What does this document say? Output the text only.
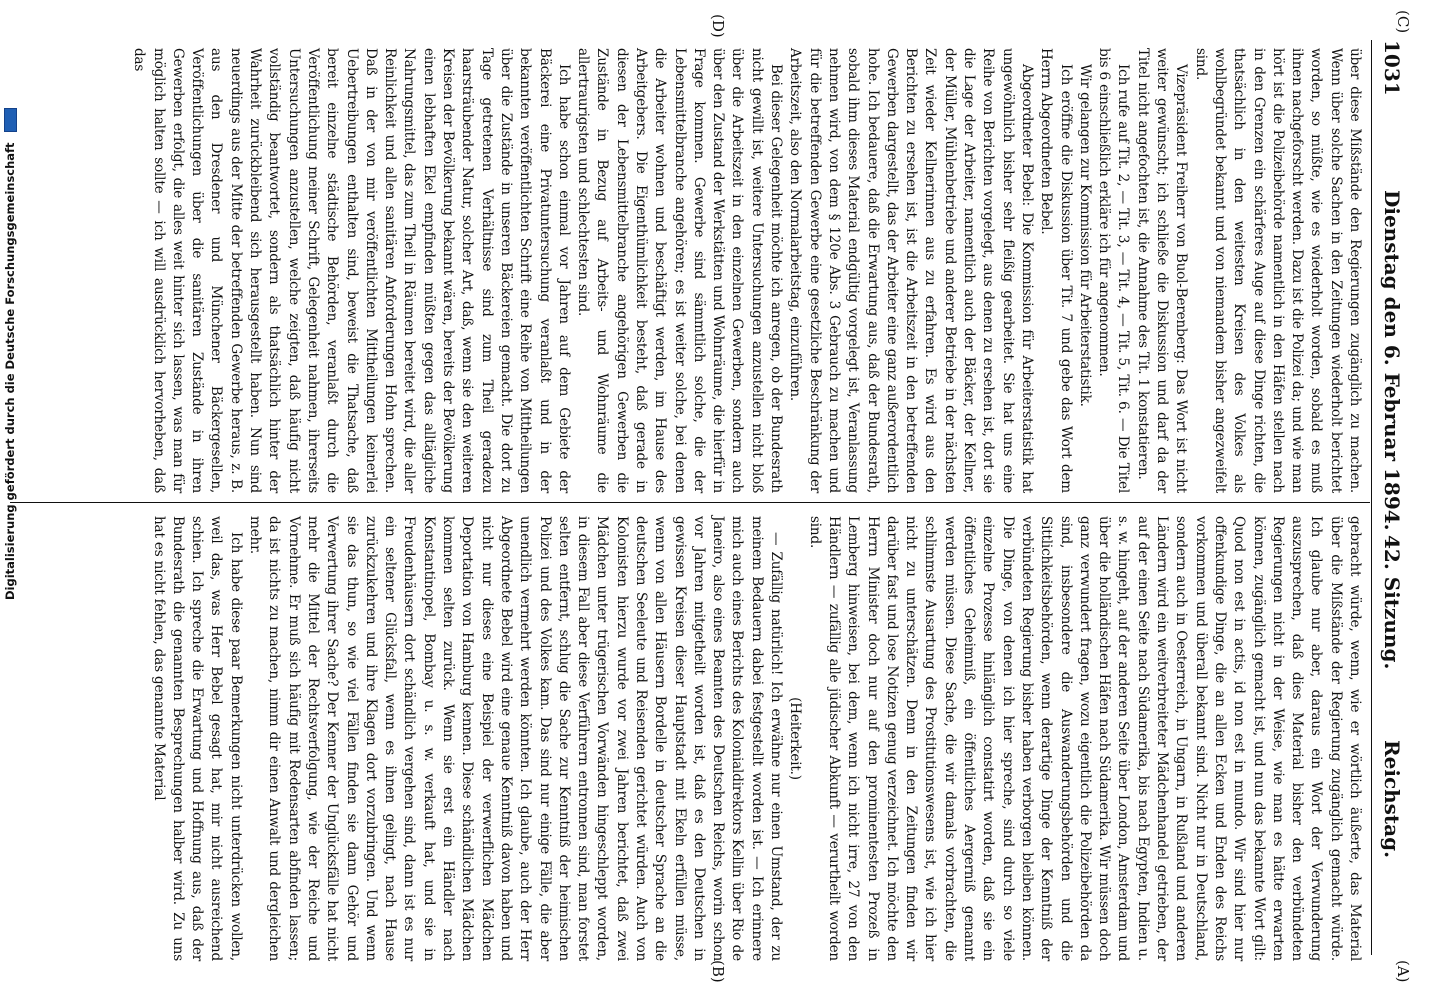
1031
Dienstag den 6. Februar 1894.
42. Sitzung.
Reichstag.
(C)
(A)
(D)
(B)

über diese Mißstände den Regierungen zugänglich zu machen. Wenn über solche Sachen in den Zeitungen wiederholt berichtet worden, so müßte, wie es wiederholt worden, sobald es muß ihnen nachgeforscht werden. Dazu ist die Polizei da; und wie man hört ist die Polizeibehörde namentlich in den Häfen stellen nach in den Grenzen ein schärferes Auge auf diese Dinge richten, die thatsächlich in den weitesten Kreisen des Volkes als wohlbegründet bekannt und von niemandem bisher angezweifelt sind.

Vizepräsident Freiherr von Buol-Berenberg: Das Wort ist nicht weiter gewünscht; ich schließe die Diskussion und darf da der Titel nicht angefochten ist, die Annahme des Tit. 1 konstatieren.

Ich rufe auf Tit. 2, — Tit. 3, — Tit. 4, — Tit. 5, Tit. 6. — Die Titel bis 6 einschließlich erkläre ich für angenommen.

Wir gelangen zur Kommission für Arbeiterstatistik.

Ich eröffne die Diskussion über Tit. 7 und gebe das Wort dem Herrn Abgeordneten Bebel.

Abgeordneter Bebel: Die Kommission für Arbeiterstatistik hat ungewöhnlich bisher sehr fleißig gearbeitet. Sie hat uns eine Reihe von Berichten vorgelegt, aus denen zu ersehen ist, dort sie die Lage der Arbeiter, namentlich auch der Bäcker, der Kellner, der Müller, Mühlenbetriebe und anderer Betriebe in der nächsten Zeit wieder Kellnerinnen aus zu erfahren. Es wird aus den Berichten zu ersehen ist, ist die Arbeitszeit in den betreffenden Gewerben dargestellt, das der Arbeiter eine ganz außerordentlich hohe. Ich bedauere, daß die Erwartung aus, daß der Bundesrath, sobald ihm dieses Material endgültig vorgelegt ist, Veranlassung nehmen wird, von dem § 120e Abs. 3 Gebrauch zu machen und für die betreffenden Gewerbe eine gesetzliche Beschränkung der Arbeitszeit, also den Normalarbeitstag, einzuführen.

Bei dieser Gelegenheit möchte ich anregen, ob der Bundesrath nicht gewillt ist, weitere Untersuchungen anzustellen nicht bloß über die Arbeitszeit in den einzelnen Gewerben, sondern auch über den Zustand der Werkstätten und Wohnräume, die hierfür in Frage kommen. Gewerbe sind sämmtlich solche, die der Lebensmittelbranche angehören; es ist weiter solche, bei denen die Arbeiter wohnen und beschäftigt werden, im Hause des Arbeitgebers. Die Eigenthümlichkeit besteht, daß gerade in diesen der Lebensmittelbranche angehörigen Gewerben die Zustände in Bezug auf Arbeits- und Wohnräume die allertraurigsten und schlechtesten sind.

Ich habe schon einmal vor Jahren auf dem Gebiete der Bäckerei eine Privatuntersuchung veranlaßt und in der bekannten veröffentlichten Schrift eine Reihe von Mittheilungen über die Zustände in unseren Bäckereien gemacht. Die dort zu Tage getretenen Verhältnisse sind zum Theil geradezu haarsträubender Natur, solcher Art, daß, wenn sie den weiteren Kreisen der Bevölkerung bekannt wären, bereits der Bevölkerung einen lebhaften Ekel empfinden müßten gegen das alltägliche Nahrungsmittel, das zum Theil in Räumen bereitet wird, die aller Reinlichkeit und allen sanitären Anforderungen Hohn sprechen. Daß in der von mir veröffentlichten Mittheilungen keinerlei Uebertreibungen enthalten sind, beweist die Thatsache, daß bereit einzelne städtische Behörden, veranlaßt durch die Veröffentlichung meiner Schrift, Gelegenheit nahmen, ihrerseits Untersuchungen anzustellen, welche zeigten, daß häufig nicht vollständig beantwortet, sondern als thatsächlich hinter der Wahrheit zurückbleibend sich herausgestellt haben. Nun sind neuerdings aus der Mitte der betreffenden Gewerbe heraus, z. B. aus den Dresdener und Münchener Bäckergesellen, Veröffentlichungen über die sanitären Zustände in ihren Gewerben erfolgt, die alles weit hinter sich lassen, was man für möglich halten sollte — ich will ausdrücklich hervorheben, daß das

gebracht würde, wenn, wie er wörtlich äußerte, das Material über die Mißstände der Regierung zugänglich gemacht würde. Ich glaube nur aber, daraus ein Wort der Verwunderung auszusprechen, daß dies Material bisher den verbündeten Regierungen nicht in der Weise, wie man es hätte erwarten können, zugänglich gemacht ist, und nun das bekannte Wort gilt: Quod non est in actis, id non est in mundo. Wir sind hier nur offenkundige Dinge, die an allen Ecken und Enden des Reichs vorkommen und überall bekannt sind. Nicht nur in Deutschland, sondern auch in Oesterreich, in Ungarn, in Rußland und anderen Ländern wird ein weitverbreiteter Mädchenhandel getrieben, der auf der einen Seite nach Südamerika, bis nach Egypten, Indien u. s. w. hingeht, auf der anderen Seite über London, Amsterdam und über die holländischen Häfen nach Südamerika. Wir müssen doch ganz verwundert fragen, wozu eigentlich die Polizeibehörden da sind, insbesondere die Auswanderungsbehörden und die Sittlichkeitsbehörden, wenn derartige Dinge der Kenntniß der verbündeten Regierung bisher haben verborgen bleiben können. Die Dinge, von denen ich hier spreche, sind durch so viele einzelne Prozesse hinlänglich constatirt worden, daß sie ein öffentliches Geheimniß, ein öffentliches Aergerniß genannt werden müssen. Diese Sache, die wir damals vorbrachten, die schlimmste Ausartung des Prostitutionswesens ist, wie ich hier nicht zu unterschätzen. Denn in den Zeitungen finden wir darüber fast und lose Notizen genug verzeichnet. Ich möchte den Herrn Minister doch nur auf den prominentesten Prozeß in Lemberg hinweisen, bei dem, wenn ich nicht irre, 27 von den Händlern — zufällig alle jüdischer Abkunft — verurtheilt worden sind.

(Heiterkeit.)

— Zufällig natürlich! Ich erwähne nur einen Umstand, der zu meinem Bedauern dabei festgestellt worden ist. — Ich erinnere mich auch eines Berichts des Kolonialdirektors Kellin über Rio de Janeiro, also eines Beamten des Deutschen Reichs, worin schon vor Jahren mitgetheilt worden ist, daß es den Deutschen in gewissen Kreisen dieser Hauptstadt mit Ekeln erfüllen müsse, wenn von allen Häusern Bordelle in deutscher Sprache an die deutschen Seeleute und Reisenden gerichtet würden. Auch von Kolonisten hierzu wurde vor zwei Jahren berichtet, daß zwei Mädchen unter trügerischen Vorwänden hingeschleppt worden, in diesem Fall aber diese Verführern entronnen sind, man forstet selten entfernt, schlug die Sache zur Kenntniß der heimischen Polizei und des Volkes kam. Das sind nur einige Fälle, die aber unendlich vermehrt werden könnten. Ich glaube, auch der Herr Abgeordnete Bebel wird eine genaue Kenntniß davon haben und nicht nur dieses eine Beispiel der verwerflichen Mädchen Deportation von Hamburg kennen. Diese schändlichen Mädchen kommen selten zurück. Wenn sie erst ein Händler nach Konstantinopel, Bombay u. s. w. verkauft hat, und sie in Freudenhäusern dort schändlich vergehen sind, dann ist es nur ein seltener Glücksfall, wenn es ihnen gelingt, nach Hause zurückzukehren und ihre Klagen dort vorzubringen. Und wenn sie das thun, so wie viel Fällen finden sie dann Gehör und Verwertung ihrer Sache? Der Kenner der Unglücksfälle hat nicht mehr die Mittel der Rechtsverfolgung, wie der Reiche und Vornehme. Er muß sich häufig mit Redensarten abfinden lassen; da ist nichts zu machen, nimm dir einen Anwalt und dergleichen mehr.

Ich habe diese paar Bemerkungen nicht unterdrücken wollen, weil das, was Herr Bebel gesagt hat, mir nicht ausreichend schien. Ich spreche die Erwartung und Hoffnung aus, daß der Bundesrath die genannten Besprechungen halber wird. Zu uns hat es nicht fehlen, das genannte Material

Digitalisierung gefördert durch die Deutsche Forschungsgemeinschaft
